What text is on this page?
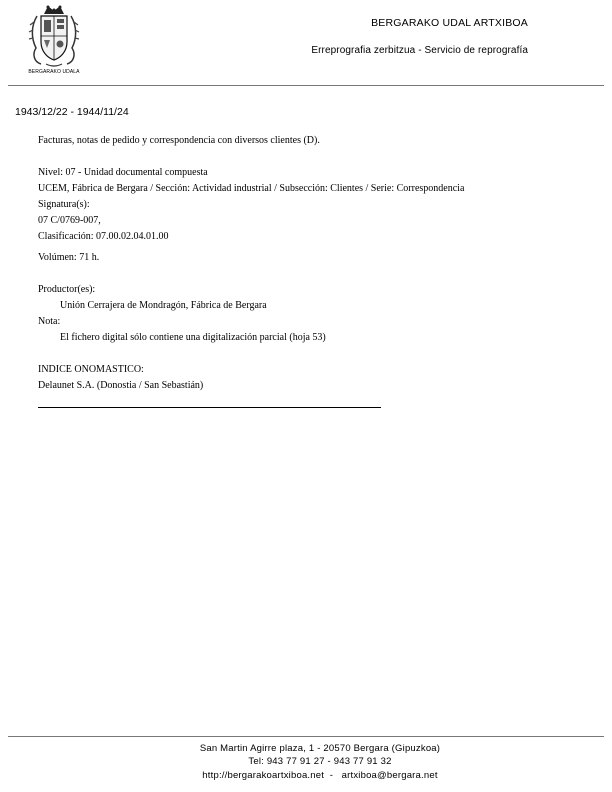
BERGARAKO UDALA
BERGARAKO UDAL ARTXIBOA
Erreprografia zerbitzua - Servicio de reprografía
1943/12/22 - 1944/11/24
Facturas, notas de pedido y correspondencia con diversos clientes (D).
Nivel: 07 - Unidad documental compuesta
UCEM, Fábrica de Bergara / Sección: Actividad industrial / Subsección: Clientes / Serie: Correspondencia
Signatura(s):
07 C/0769-007,
Clasificación: 07.00.02.04.01.00
Volúmen: 71 h.
Productor(es):
Unión Cerrajera de Mondragón, Fábrica de Bergara
Nota:
El fichero digital sólo contiene una digitalización parcial (hoja 53)
INDICE ONOMASTICO:
Delaunet S.A. (Donostia / San Sebastián)
San Martin Agirre plaza, 1 - 20570 Bergara (Gipuzkoa)
Tel: 943 77 91 27 - 943 77 91 32
http://bergarakoartxiboa.net  -   artxiboa@bergara.net
